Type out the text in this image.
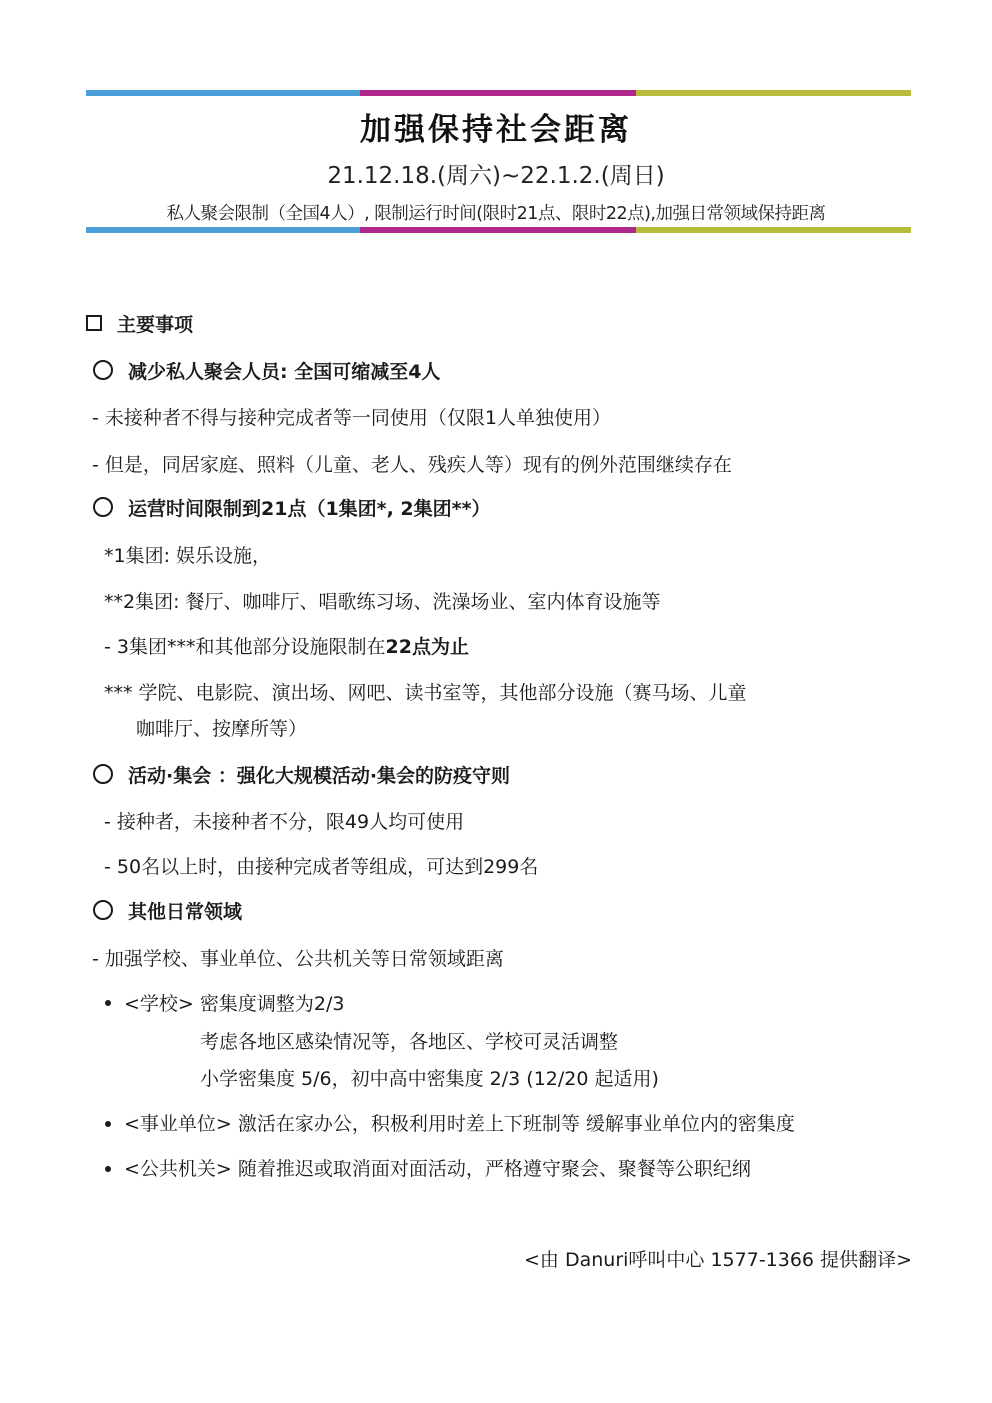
加强保持社会距离
21.12.18.(周六)~22.1.2.(周日)
私人聚会限制（全国4人）, 限制运行时间(限时21点、限时22点),加强日常领域保持距离
主要事项
减少私人聚会人员: 全国可缩减至4人
- 未接种者不得与接种完成者等一同使用（仅限1人单独使用）
- 但是，同居家庭、照料（儿童、老人、残疾人等）现有的例外范围继续存在
运营时间限制到21点（1集团*, 2集团**）
*1集团: 娱乐设施，
**2集团: 餐厅、咖啡厅、唱歌练习场、洗澡场业、室内体育设施等
- 3集团***和其他部分设施限制在22点为止
*** 学院、电影院、演出场、网吧、读书室等，其他部分设施（赛马场、儿童
咖啡厅、按摩所等）
活动·集会 ：强化大规模活动·集会的防疫守则
- 接种者，未接种者不分，限49人均可使用
- 50名以上时，由接种完成者等组成，可达到299名
其他日常领域
- 加强学校、事业单位、公共机关等日常领域距离
<学校> 密集度调整为2/3
考虑各地区感染情况等，各地区、学校可灵活调整
小学密集度 5/6，初中高中密集度 2/3 (12/20 起适用)
<事业单位> 激活在家办公，积极利用时差上下班制等 缓解事业单位内的密集度
<公共机关> 随着推迟或取消面对面活动，严格遵守聚会、聚餐等公职纪纲
<由 Danuri呼叫中心 1577-1366 提供翻译>
